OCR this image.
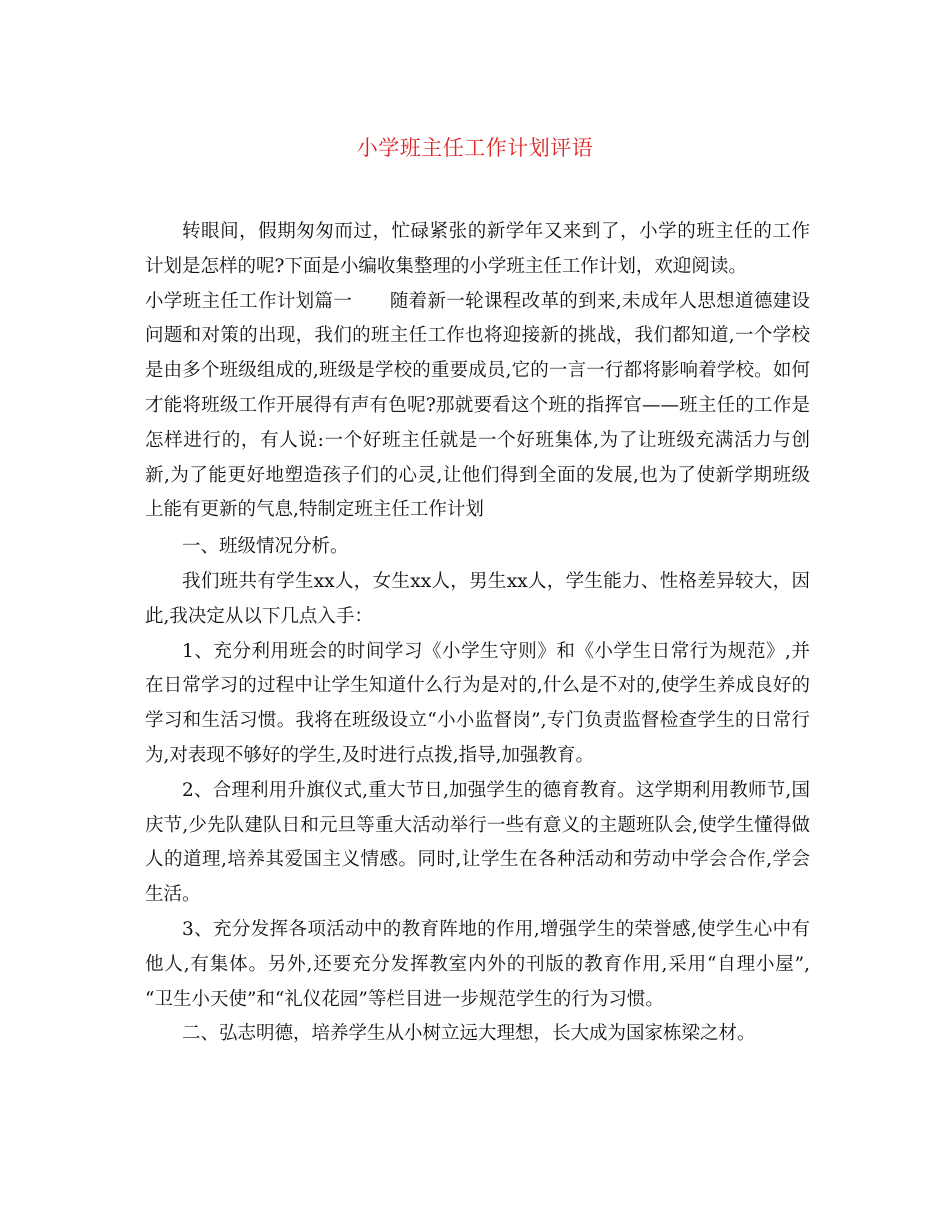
小学班主任工作计划评语

转眼间，假期匆匆而过，忙碌紧张的新学年又来到了，小学的班主任的工作计划是怎样的呢?下面是小编收集整理的小学班主任工作计划，欢迎阅读。

小学班主任工作计划篇一　　随着新一轮课程改革的到来,未成年人思想道德建设问题和对策的出现，我们的班主任工作也将迎接新的挑战，我们都知道,一个学校是由多个班级组成的,班级是学校的重要成员,它的一言一行都将影响着学校。如何才能将班级工作开展得有声有色呢?那就要看这个班的指挥官——班主任的工作是怎样进行的，有人说:一个好班主任就是一个好班集体,为了让班级充满活力与创新,为了能更好地塑造孩子们的心灵,让他们得到全面的发展,也为了使新学期班级上能有更新的气息,特制定班主任工作计划

一、班级情况分析。

我们班共有学生xx人，女生xx人，男生xx人，学生能力、性格差异较大，因此,我决定从以下几点入手：

1、充分利用班会的时间学习《小学生守则》和《小学生日常行为规范》,并在日常学习的过程中让学生知道什么行为是对的,什么是不对的,使学生养成良好的学习和生活习惯。我将在班级设立“小小监督岗”,专门负责监督检查学生的日常行为,对表现不够好的学生,及时进行点拨,指导,加强教育。

2、合理利用升旗仪式,重大节日,加强学生的德育教育。这学期利用教师节,国庆节,少先队建队日和元旦等重大活动举行一些有意义的主题班队会,使学生懂得做人的道理,培养其爱国主义情感。同时,让学生在各种活动和劳动中学会合作,学会生活。

3、充分发挥各项活动中的教育阵地的作用,增强学生的荣誉感,使学生心中有他人,有集体。另外,还要充分发挥教室内外的刊版的教育作用,采用“自理小屋”, “卫生小天使”和“礼仪花园”等栏目进一步规范学生的行为习惯。

二、弘志明德，培养学生从小树立远大理想，长大成为国家栋梁之材。
